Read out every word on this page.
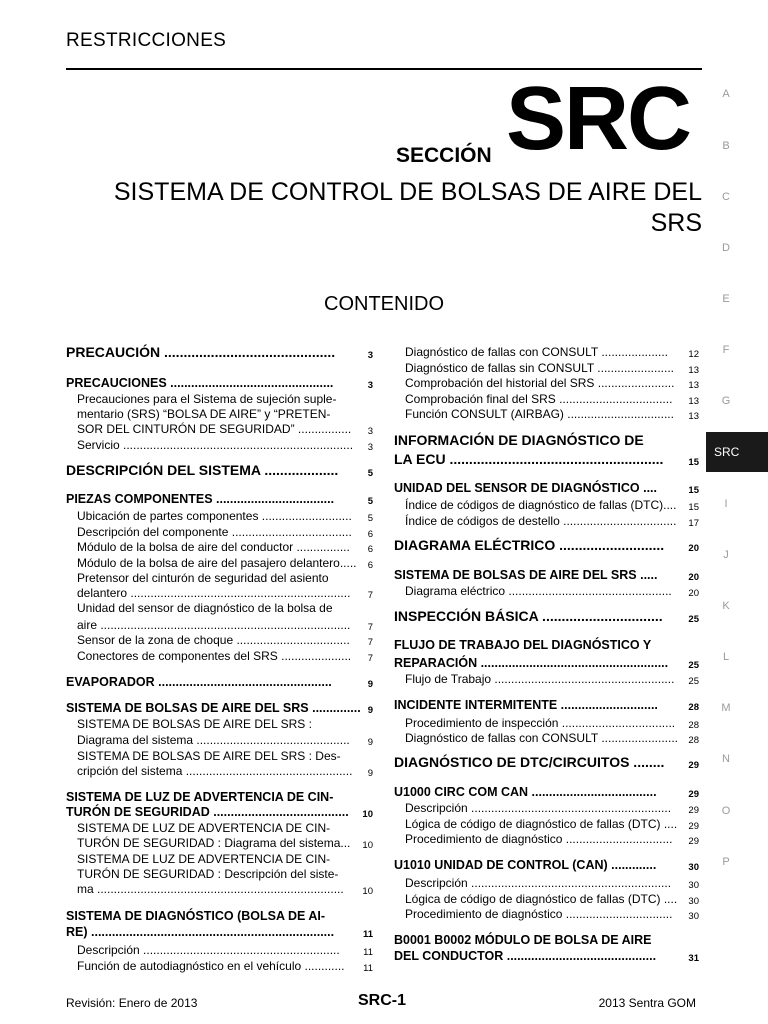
RESTRICCIONES
SECCIÓN SRC
SISTEMA DE CONTROL DE BOLSAS DE AIRE DEL
SRS
CONTENIDO
PRECAUCIÓN ............................................	3
PRECAUCIONES ...............................................	3
Precauciones para el Sistema de sujeción suple-
mentario (SRS) “BOLSA DE AIRE” y “PRETEN-
SOR DEL CINTURÓN DE SEGURIDAD” ................ 3
Servicio ..................................................................... 3
DESCRIPCIÓN DEL SISTEMA ...................	5
PIEZAS COMPONENTES ..................................	5
Ubicación de partes componentes ........................... 5
Descripción del componente .................................... 6
Módulo de la bolsa de aire del conductor ................ 6
Módulo de la bolsa de aire del pasajero delantero..... 6
Pretensor del cinturón de seguridad del asiento
delantero .................................................................. 7
Unidad del sensor de diagnóstico de la bolsa de
aire ........................................................................... 7
Sensor de la zona de choque .................................. 7
Conectores de componentes del SRS ..................... 7
EVAPORADOR ..................................................	9
SISTEMA DE BOLSAS DE AIRE DEL SRS .............. 9
SISTEMA DE BOLSAS DE AIRE DEL SRS :
Diagrama del sistema .............................................. 9
SISTEMA DE BOLSAS DE AIRE DEL SRS : Des-
cripción del sistema .................................................. 9
SISTEMA DE LUZ DE ADVERTENCIA DE CIN-
TURÓN DE SEGURIDAD ....................................... 10
SISTEMA DE LUZ DE ADVERTENCIA DE CIN-
TURÓN DE SEGURIDAD : Diagrama del sistema... 10
SISTEMA DE LUZ DE ADVERTENCIA DE CIN-
TURÓN DE SEGURIDAD : Descripción del siste-
ma .......................................................................... 10
SISTEMA DE DIAGNÓSTICO (BOLSA DE AI-
RE) ......................................................................	11
Descripción ........................................................... 11
Función de autodiagnóstico en el vehículo ............ 11
Diagnóstico de fallas con CONSULT .................... 12
Diagnóstico de fallas sin CONSULT ....................... 13
Comprobación del historial del SRS ....................... 13
Comprobación final del SRS .................................. 13
Función CONSULT (AIRBAG) ................................ 13
INFORMACIÓN DE DIAGNÓSTICO DE
LA ECU .......................................................	15
UNIDAD DEL SENSOR DE DIAGNÓSTICO ....	15
Índice de códigos de diagnóstico de fallas (DTC).... 15
Índice de códigos de destello .................................. 17
DIAGRAMA ELÉCTRICO ...........................	20
SISTEMA DE BOLSAS DE AIRE DEL SRS .....	20
Diagrama eléctrico ................................................. 20
INSPECCIÓN BÁSICA ...............................	25
FLUJO DE TRABAJO DEL DIAGNÓSTICO Y
REPARACIÓN ...................................................... 25
Flujo de Trabajo ...................................................... 25
INCIDENTE INTERMITENTE ............................	28
Procedimiento de inspección .................................. 28
Diagnóstico de fallas con CONSULT ....................... 28
DIAGNÓSTICO DE DTC/CIRCUITOS ........	29
U1000 CIRC COM CAN ....................................	29
Descripción ............................................................ 29
Lógica de código de diagnóstico de fallas (DTC) .... 29
Procedimiento de diagnóstico ................................ 29
U1010 UNIDAD DE CONTROL (CAN) .............	30
Descripción ............................................................ 30
Lógica de código de diagnóstico de fallas (DTC) .... 30
Procedimiento de diagnóstico ................................ 30
B0001 B0002 MÓDULO DE BOLSA DE AIRE
DEL CONDUCTOR ...........................................	31
A
B
C
D
E
F
G
I
J
K
L
M
N
O
P
SRC
Revisión: Enero de 2013	SRC-1	2013 Sentra GOM
